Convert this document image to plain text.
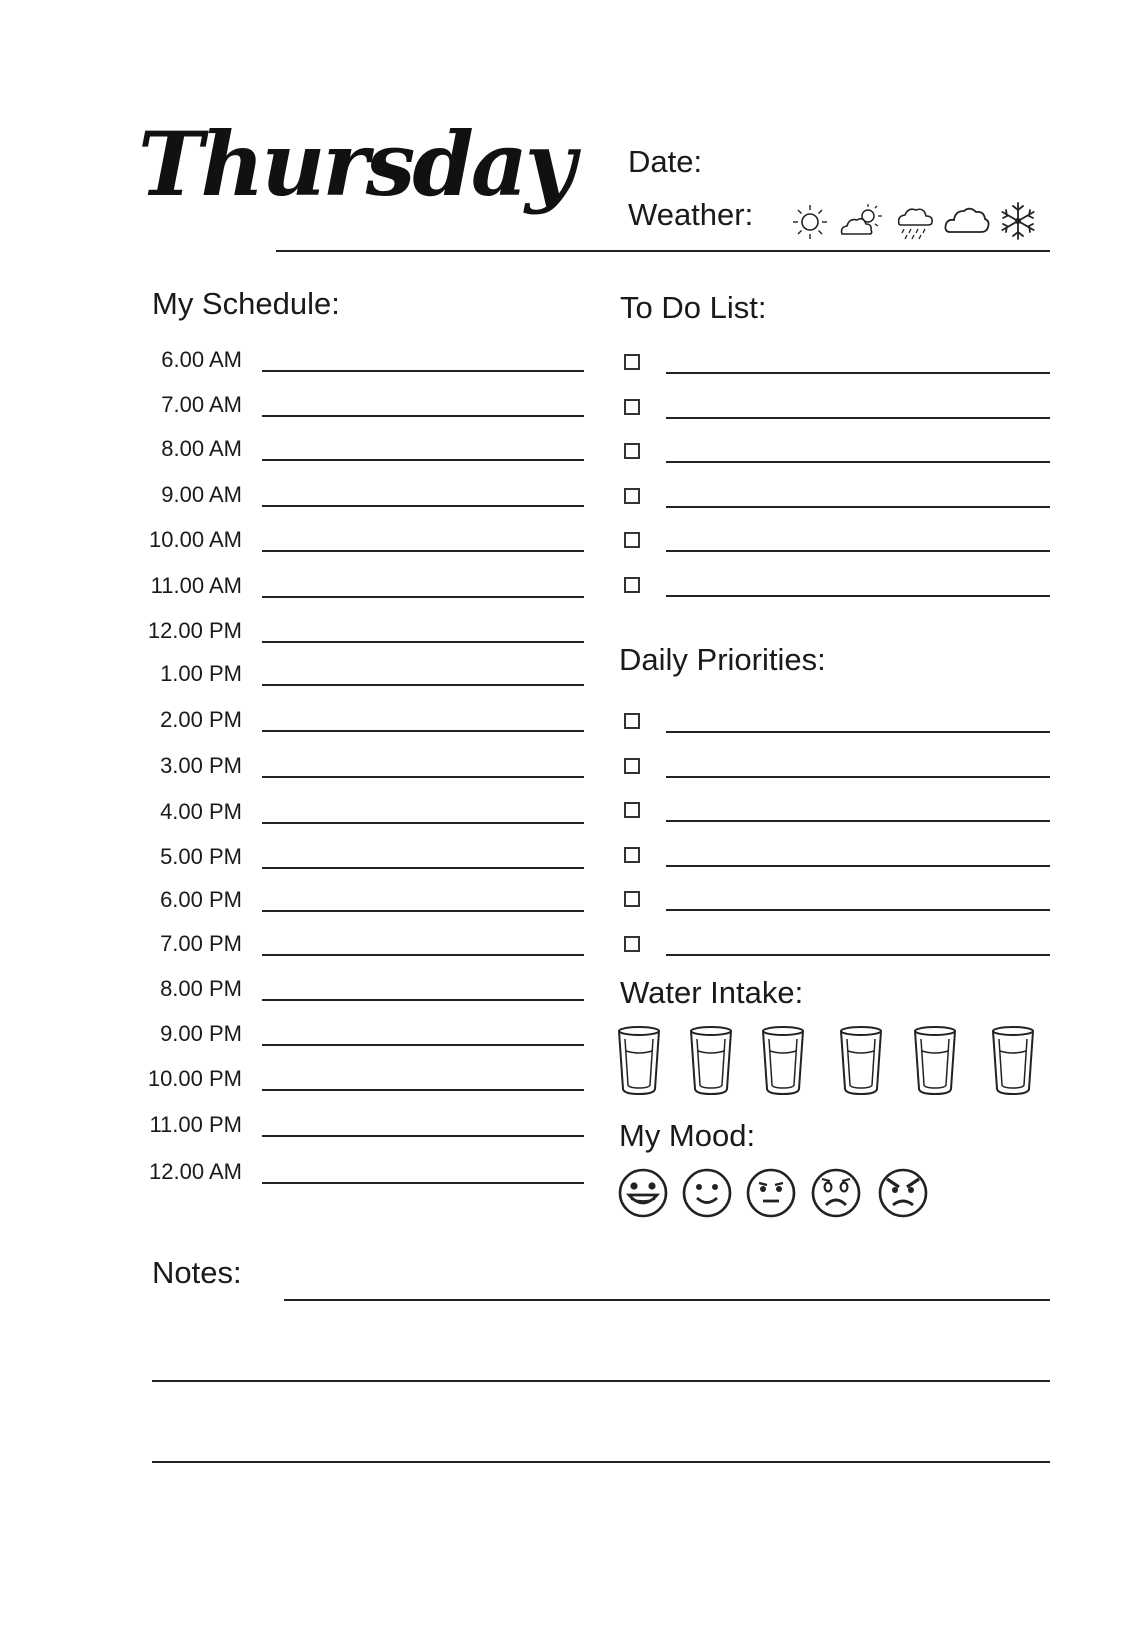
Thursday Date:
Weather:
My Schedule:
6.00 AM
7.00 AM
8.00 AM
9.00 AM
10.00 AM
11.00 AM
12.00 PM
1.00 PM
2.00 PM
3.00 PM
4.00 PM
5.00 PM
6.00 PM
7.00 PM
8.00 PM
9.00 PM
10.00 PM
11.00 PM
12.00 AM
To Do List:
Daily Priorities:
Water Intake:
My Mood:
Notes:
